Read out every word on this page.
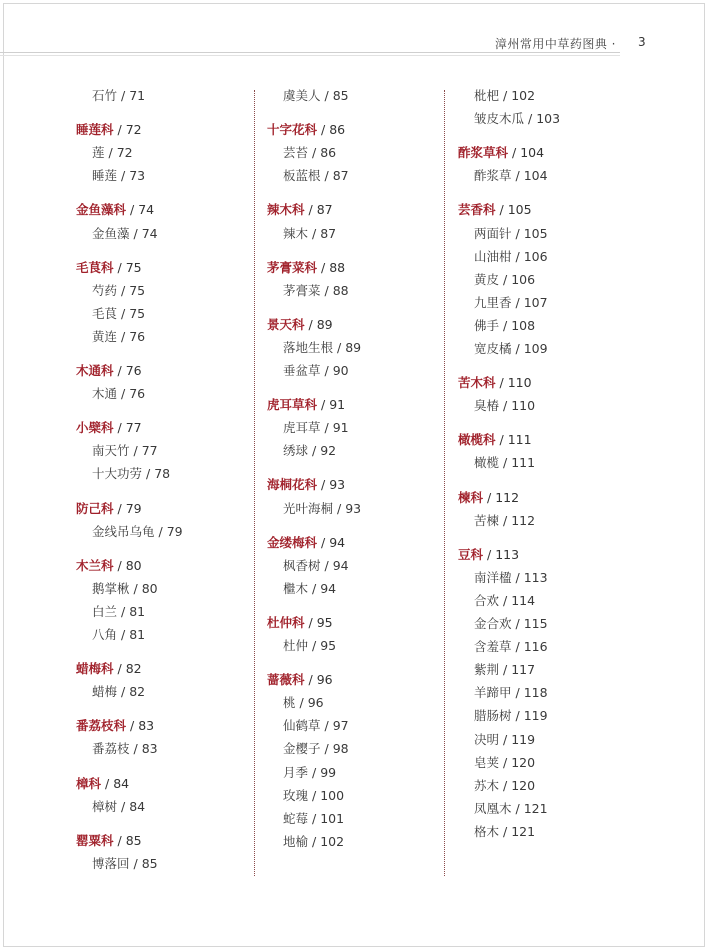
漳州常用中草药图典 · 3
石竹 / 71
睡莲科 / 72
莲 / 72
睡莲 / 73
金鱼藻科 / 74
金鱼藻 / 74
毛茛科 / 75
芍药 / 75
毛茛 / 75
黄连 / 76
木通科 / 76
木通 / 76
小檗科 / 77
南天竹 / 77
十大功劳 / 78
防己科 / 79
金线吊乌龟 / 79
木兰科 / 80
鹅掌楸 / 80
白兰 / 81
八角 / 81
蜡梅科 / 82
蜡梅 / 82
番荔枝科 / 83
番荔枝 / 83
樟科 / 84
樟树 / 84
罂粟科 / 85
博落回 / 85
虞美人 / 85
十字花科 / 86
芸苔 / 86
板蓝根 / 87
辣木科 / 87
辣木 / 87
茅膏菜科 / 88
茅膏菜 / 88
景天科 / 89
落地生根 / 89
垂盆草 / 90
虎耳草科 / 91
虎耳草 / 91
绣球 / 92
海桐花科 / 93
光叶海桐 / 93
金缕梅科 / 94
枫香树 / 94
檵木 / 94
杜仲科 / 95
杜仲 / 95
蔷薇科 / 96
桃 / 96
仙鹤草 / 97
金樱子 / 98
月季 / 99
玫瑰 / 100
蛇莓 / 101
地榆 / 102
枇杷 / 102
皱皮木瓜 / 103
酢浆草科 / 104
酢浆草 / 104
芸香科 / 105
两面针 / 105
山油柑 / 106
黄皮 / 106
九里香 / 107
佛手 / 108
宽皮橘 / 109
苦木科 / 110
臭椿 / 110
橄榄科 / 111
橄榄 / 111
楝科 / 112
苦楝 / 112
豆科 / 113
南洋楹 / 113
合欢 / 114
金合欢 / 115
含羞草 / 116
紫荆 / 117
羊蹄甲 / 118
腊肠树 / 119
决明 / 119
皂荚 / 120
苏木 / 120
凤凰木 / 121
格木 / 121
